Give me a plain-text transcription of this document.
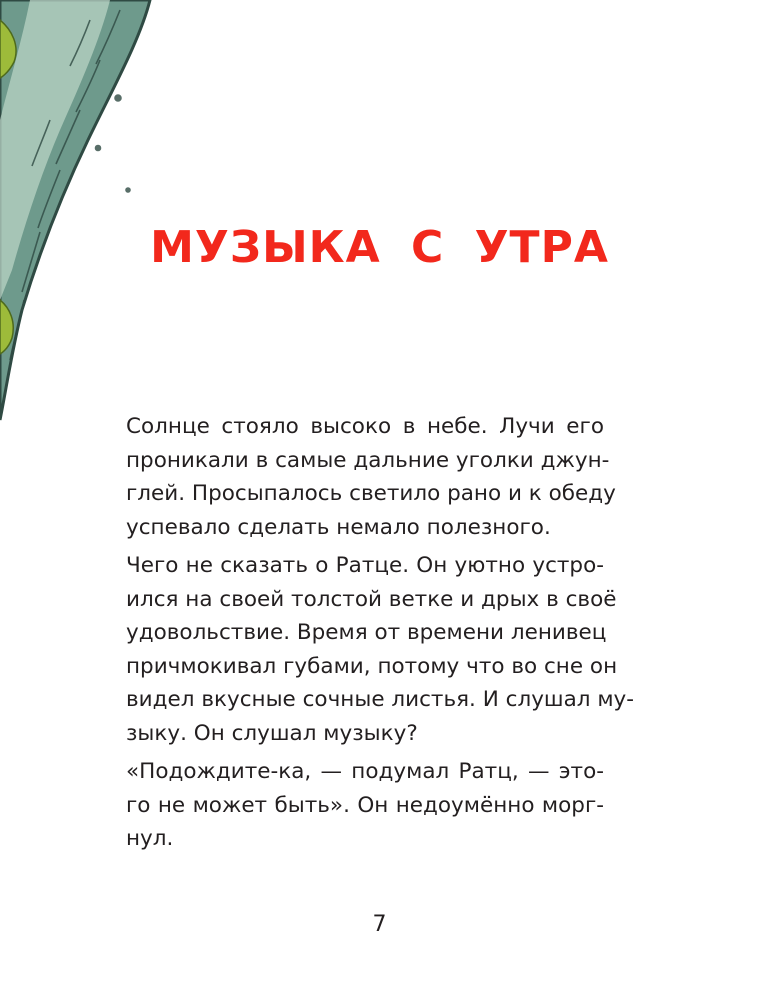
МУЗЫКА С УТРА

Солнце стояло высоко в небе. Лучи его
проникали в самые дальние уголки джун-
глей. Просыпалось светило рано и к обеду
успевало сделать немало полезного.

Чего не сказать о Ратце. Он уютно устро-
ился на своей толстой ветке и дрых в своё
удовольствие. Время от времени ленивец
причмокивал губами, потому что во сне он
видел вкусные сочные листья. И слушал му-
зыку. Он слушал музыку?

«Подождите-ка, — подумал Ратц, — это-
го не может быть». Он недоумённо морг-
нул.

7
